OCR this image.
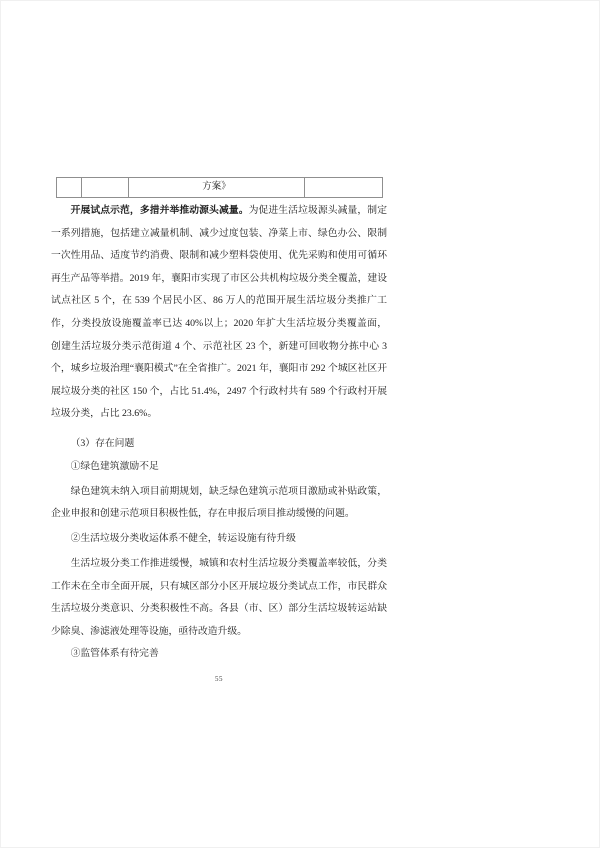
方案》

开展试点示范，多措并举推动源头减量。为促进生活垃圾源头减量，制定一系列措施，包括建立减量机制、减少过度包装、净菜上市、绿色办公、限制一次性用品、适度节约消费、限制和减少塑料袋使用、优先采购和使用可循环再生产品等举措。2019 年，襄阳市实现了市区公共机构垃圾分类全覆盖，建设试点社区 5 个，在 539 个居民小区、86 万人的范围开展生活垃圾分类推广工作，分类投放设施覆盖率已达 40%以上；2020 年扩大生活垃圾分类覆盖面，创建生活垃圾分类示范街道 4 个、示范社区 23 个，新建可回收物分拣中心 3 个，城乡垃圾治理“襄阳模式”在全省推广。2021 年，襄阳市 292 个城区社区开展垃圾分类的社区 150 个，占比 51.4%，2497 个行政村共有 589 个行政村开展垃圾分类，占比 23.6%。

（3）存在问题
①绿色建筑激励不足

绿色建筑未纳入项目前期规划，缺乏绿色建筑示范项目激励或补贴政策，企业申报和创建示范项目积极性低，存在申报后项目推动缓慢的问题。

②生活垃圾分类收运体系不健全，转运设施有待升级

生活垃圾分类工作推进缓慢，城镇和农村生活垃圾分类覆盖率较低，分类工作未在全市全面开展，只有城区部分小区开展垃圾分类试点工作，市民群众生活垃圾分类意识、分类积极性不高。各县（市、区）部分生活垃圾转运站缺少除臭、渗滤液处理等设施，亟待改造升级。

③监管体系有待完善
55
